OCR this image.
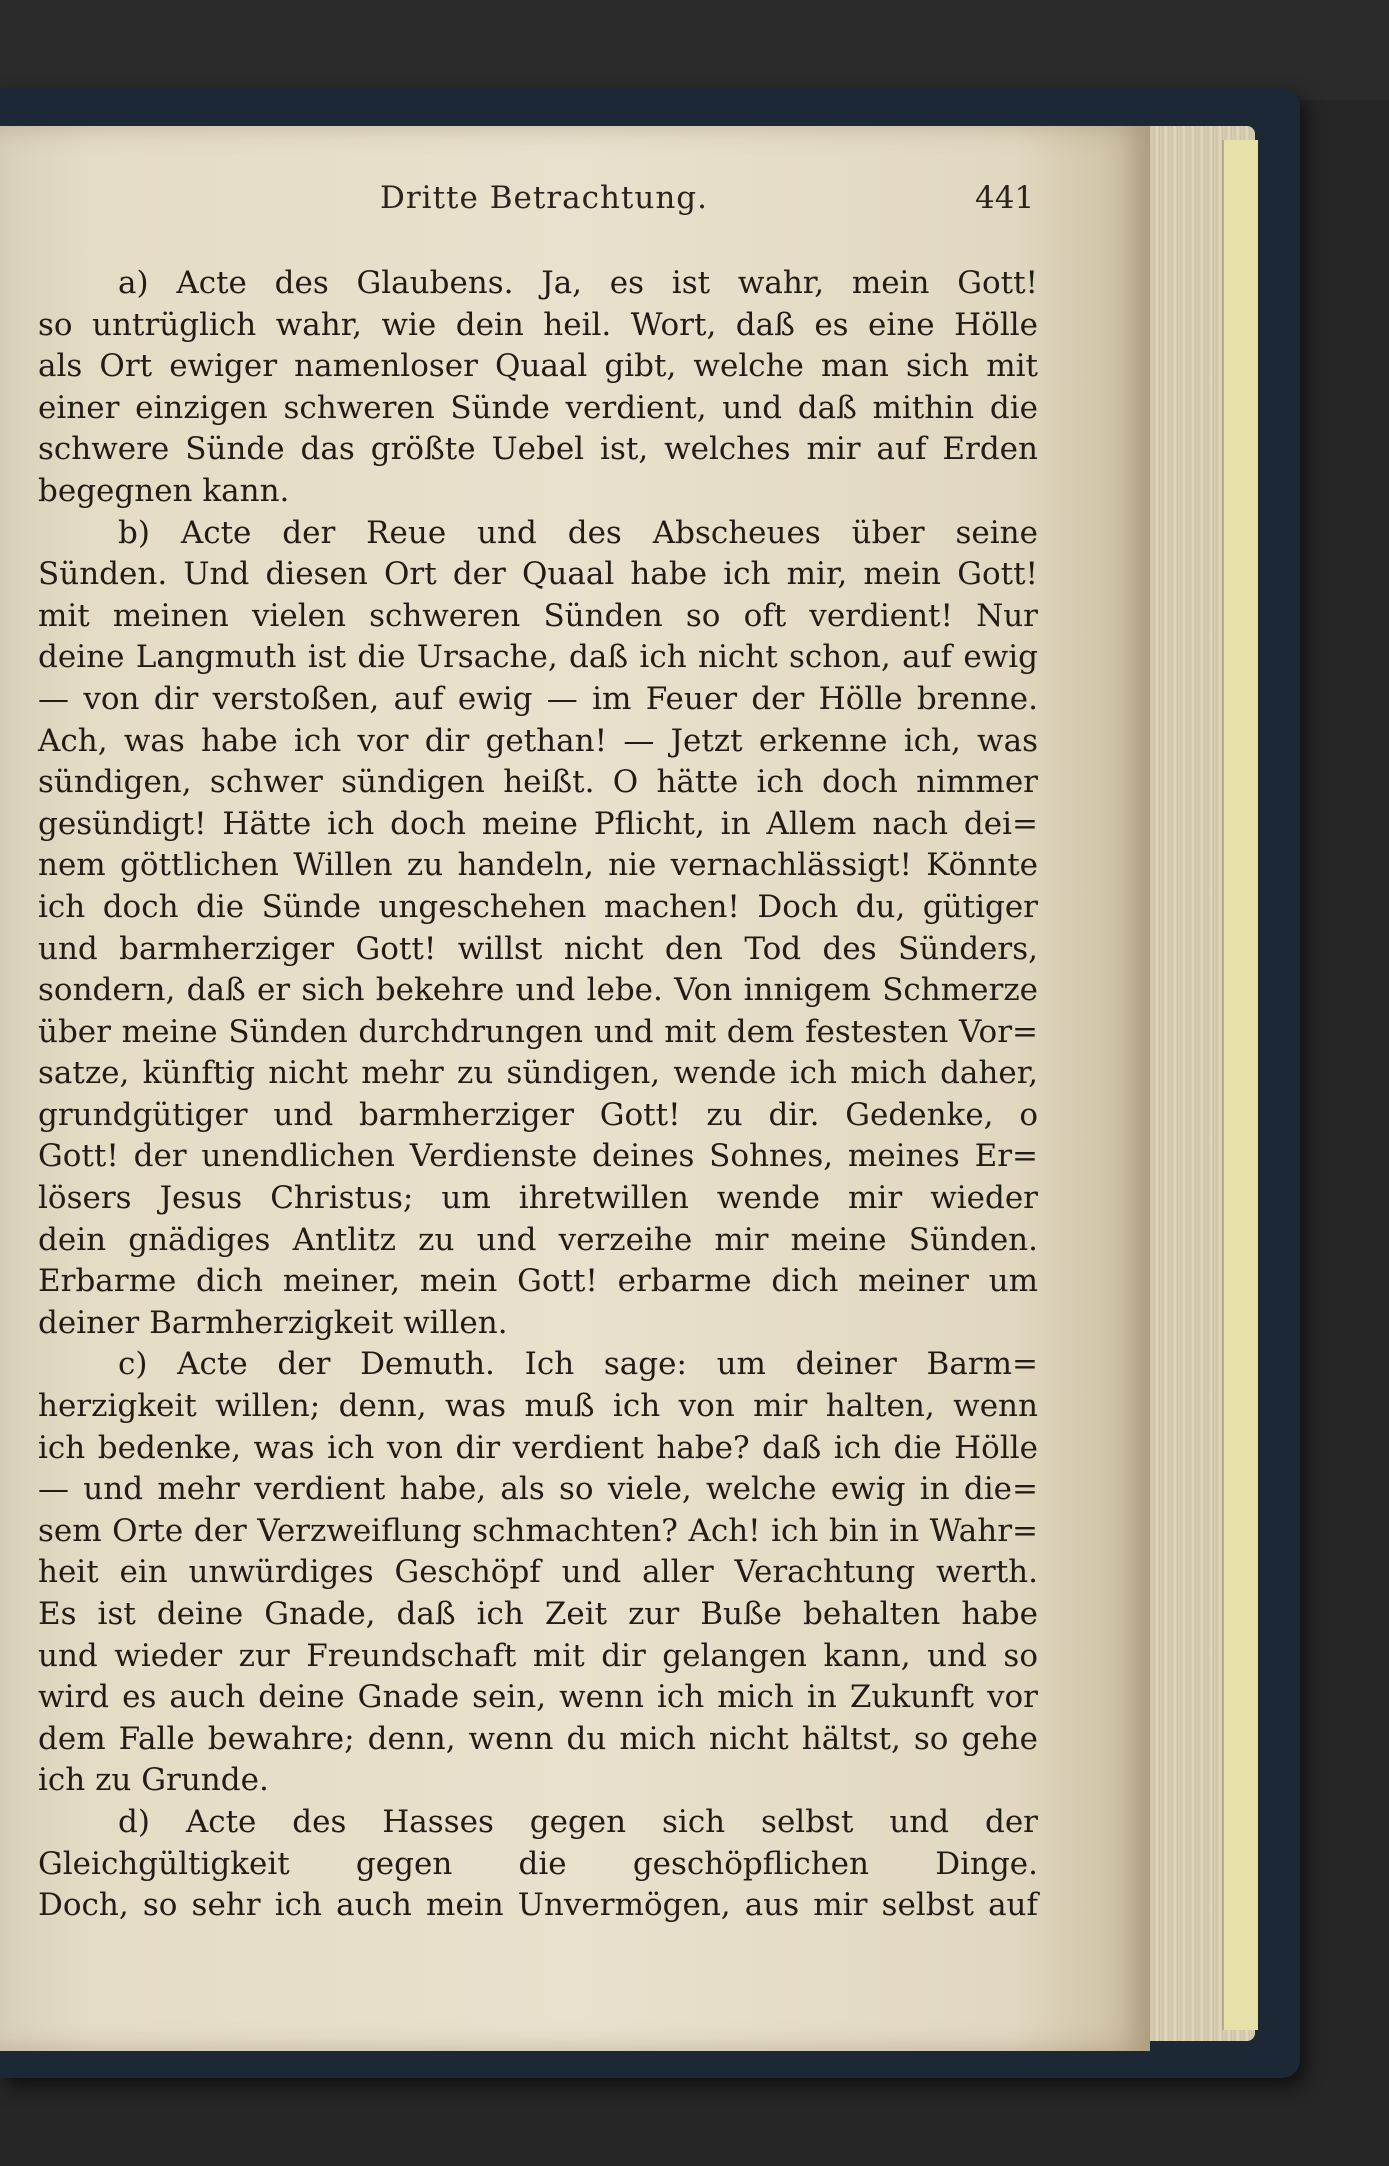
Dritte Betrachtung.	441
a) Acte des Glaubens. Ja, es ist wahr, mein Gott!
so untrüglich wahr, wie dein heil. Wort, daß es eine Hölle
als Ort ewiger namenloser Quaal gibt, welche man sich mit
einer einzigen schweren Sünde verdient, und daß mithin die
schwere Sünde das größte Uebel ist, welches mir auf Erden
begegnen kann.
b) Acte der Reue und des Abscheues über seine
Sünden. Und diesen Ort der Quaal habe ich mir, mein Gott!
mit meinen vielen schweren Sünden so oft verdient! Nur
deine Langmuth ist die Ursache, daß ich nicht schon, auf ewig
— von dir verstoßen, auf ewig — im Feuer der Hölle brenne.
Ach, was habe ich vor dir gethan! — Jetzt erkenne ich, was
sündigen, schwer sündigen heißt. O hätte ich doch nimmer
gesündigt! Hätte ich doch meine Pflicht, in Allem nach dei=
nem göttlichen Willen zu handeln, nie vernachlässigt! Könnte
ich doch die Sünde ungeschehen machen! Doch du, gütiger
und barmherziger Gott! willst nicht den Tod des Sünders,
sondern, daß er sich bekehre und lebe. Von innigem Schmerze
über meine Sünden durchdrungen und mit dem festesten Vor=
satze, künftig nicht mehr zu sündigen, wende ich mich daher,
grundgütiger und barmherziger Gott! zu dir. Gedenke, o
Gott! der unendlichen Verdienste deines Sohnes, meines Er=
lösers Jesus Christus; um ihretwillen wende mir wieder
dein gnädiges Antlitz zu und verzeihe mir meine Sünden.
Erbarme dich meiner, mein Gott! erbarme dich meiner um
deiner Barmherzigkeit willen.
c) Acte der Demuth. Ich sage: um deiner Barm=
herzigkeit willen; denn, was muß ich von mir halten, wenn
ich bedenke, was ich von dir verdient habe? daß ich die Hölle
— und mehr verdient habe, als so viele, welche ewig in die=
sem Orte der Verzweiflung schmachten? Ach! ich bin in Wahr=
heit ein unwürdiges Geschöpf und aller Verachtung werth.
Es ist deine Gnade, daß ich Zeit zur Buße behalten habe
und wieder zur Freundschaft mit dir gelangen kann, und so
wird es auch deine Gnade sein, wenn ich mich in Zukunft vor
dem Falle bewahre; denn, wenn du mich nicht hältst, so gehe
ich zu Grunde.
d) Acte des Hasses gegen sich selbst und der
Gleichgültigkeit gegen die geschöpflichen Dinge.
Doch, so sehr ich auch mein Unvermögen, aus mir selbst auf
